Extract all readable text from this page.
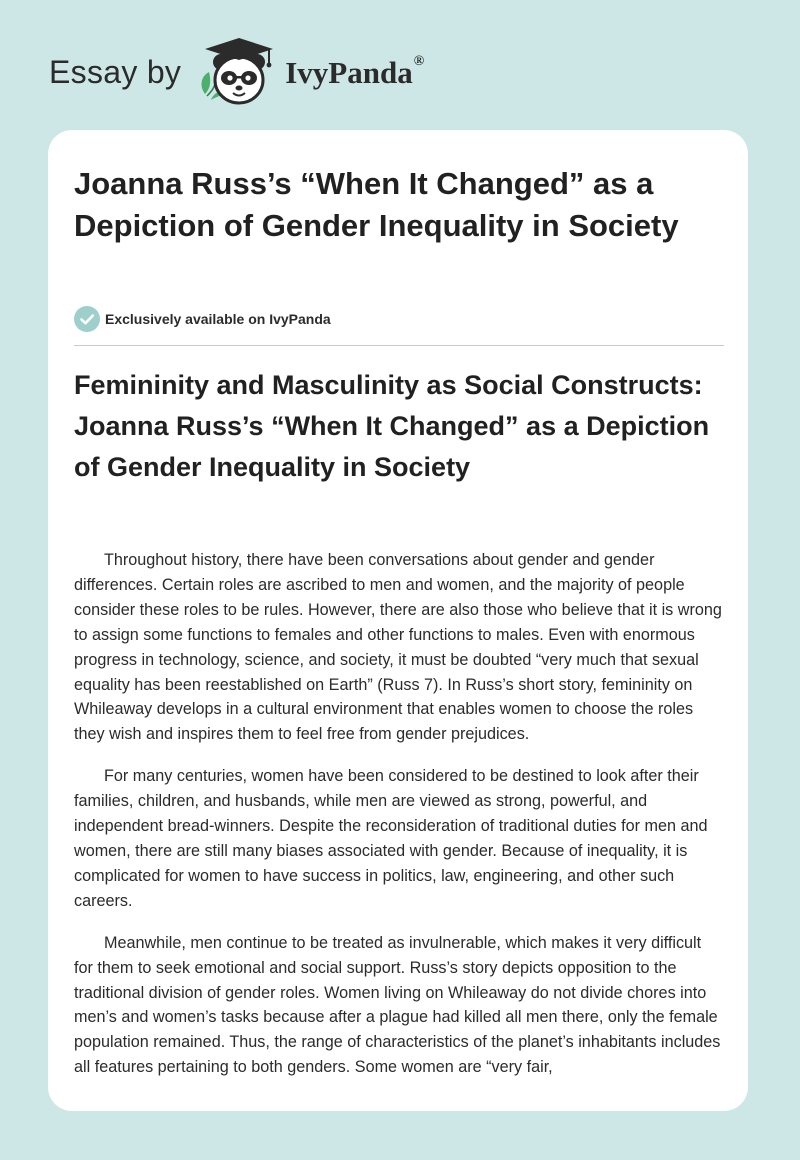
Essay by	IvyPanda®
Joanna Russ’s “When It Changed” as a Depiction of Gender Inequality in Society
Exclusively available on IvyPanda
Femininity and Masculinity as Social Constructs: Joanna Russ’s “When It Changed” as a Depiction of Gender Inequality in Society

Throughout history, there have been conversations about gender and gender differences. Certain roles are ascribed to men and women, and the majority of people consider these roles to be rules. However, there are also those who believe that it is wrong to assign some functions to females and other functions to males. Even with enormous progress in technology, science, and society, it must be doubted “very much that sexual equality has been reestablished on Earth” (Russ 7). In Russ’s short story, femininity on Whileaway develops in a cultural environment that enables women to choose the roles they wish and inspires them to feel free from gender prejudices.

For many centuries, women have been considered to be destined to look after their families, children, and husbands, while men are viewed as strong, powerful, and independent bread-winners. Despite the reconsideration of traditional duties for men and women, there are still many biases associated with gender. Because of inequality, it is complicated for women to have success in politics, law, engineering, and other such careers.

Meanwhile, men continue to be treated as invulnerable, which makes it very difficult for them to seek emotional and social support. Russ’s story depicts opposition to the traditional division of gender roles. Women living on Whileaway do not divide chores into men’s and women’s tasks because after a plague had killed all men there, only the female population remained. Thus, the range of characteristics of the planet’s inhabitants includes all features pertaining to both genders. Some women are “very fair,
